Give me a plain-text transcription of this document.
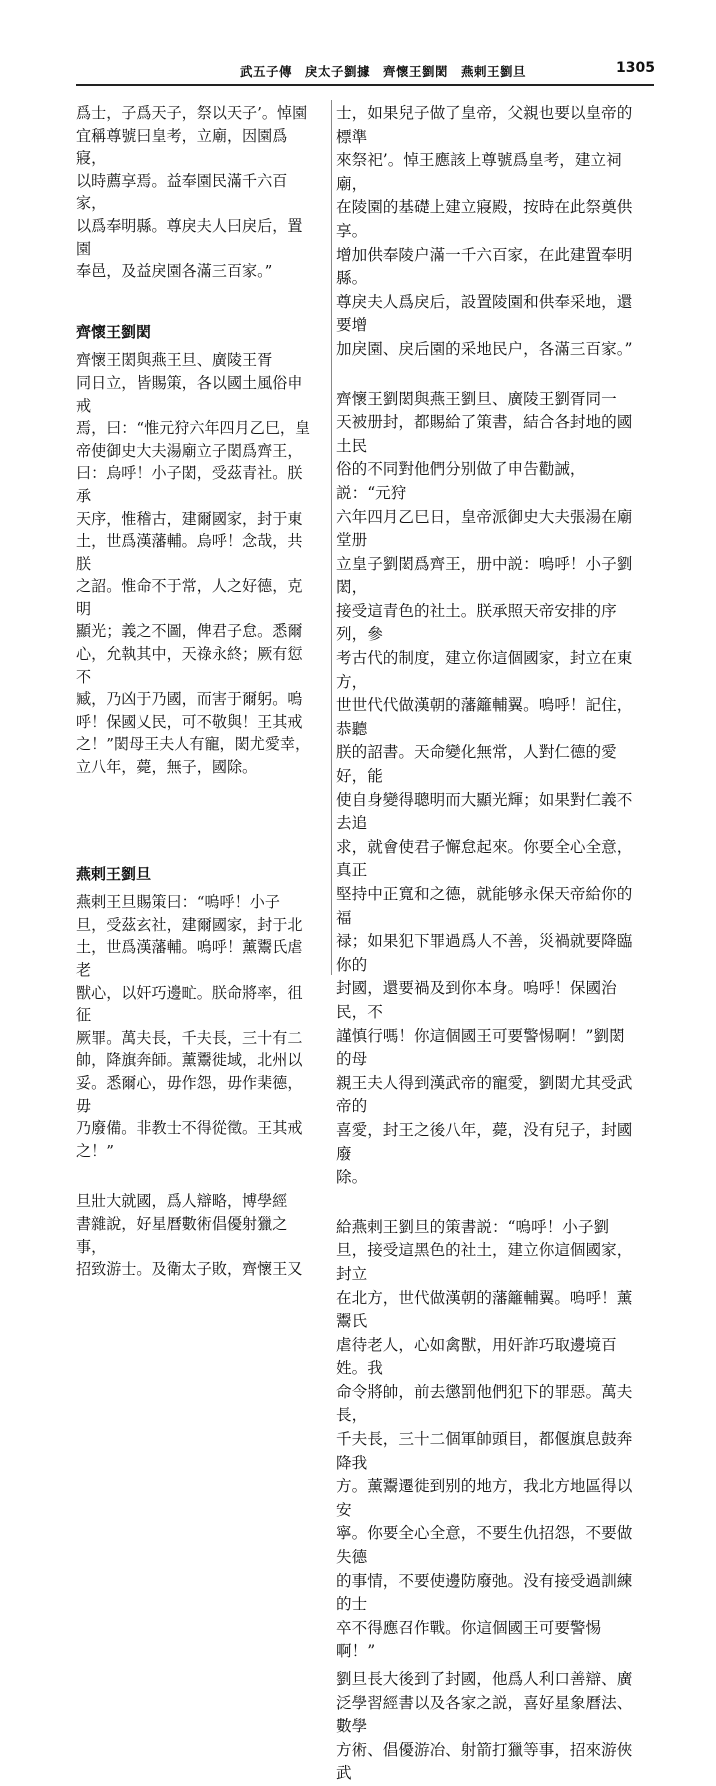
武五子傳　戾太子劉據　齊懷王劉閎　燕剌王劉旦	1305

爲士，子爲天子，祭以天子’。悼園
宜稱尊號曰皇考，立廟，因園爲寢，
以時薦享焉。益奉園民滿千六百家，
以爲奉明縣。尊戾夫人曰戾后，置園
奉邑，及益戾園各滿三百家。”

齊懷王劉閎

齊懷王閎與燕王旦、廣陵王胥
同日立，皆賜策，各以國土風俗申戒
焉，曰：“惟元狩六年四月乙巳，皇
帝使御史大夫湯廟立子閎爲齊王，
曰：烏呼！小子閎，受茲青社。朕承
天序，惟稽古，建爾國家，封于東
土，世爲漢藩輔。烏呼！念哉，共朕
之詔。惟命不于常，人之好德，克明
顯光；義之不圖，俾君子怠。悉爾
心，允執其中，天祿永終；厥有愆不
臧，乃凶于乃國，而害于爾躬。嗚
呼！保國乂民，可不敬與！王其戒
之！”閎母王夫人有寵，閎尤愛幸，
立八年，薨，無子，國除。

燕剌王劉旦

燕剌王旦賜策曰：“嗚呼！小子
旦，受茲玄社，建爾國家，封于北
土，世爲漢藩輔。嗚呼！薰鬻氏虐老
獸心，以奸巧邊甿。朕命將率，徂征
厥罪。萬夫長，千夫長，三十有二
帥，降旗奔師。薰鬻徙域，北州以
妥。悉爾心，毋作怨，毋作棐德，毋
乃廢備。非教士不得從徵。王其戒
之！”

旦壯大就國，爲人辯略，博學經
書雜說，好星曆數術倡優射獵之事，
招致游士。及衛太子敗，齊懷王又

士，如果兒子做了皇帝，父親也要以皇帝的標準
來祭祀’。悼王應該上尊號爲皇考，建立祠廟，
在陵園的基礎上建立寢殿，按時在此祭奠供享。
增加供奉陵户滿一千六百家，在此建置奉明縣。
尊戾夫人爲戾后，設置陵園和供奉采地，還要增
加戾園、戾后園的采地民户，各滿三百家。”

齊懷王劉閎與燕王劉旦、廣陵王劉胥同一
天被册封，都賜給了策書，結合各封地的國土民
俗的不同對他們分别做了申告勸誡，説：“元狩
六年四月乙巳日，皇帝派御史大夫張湯在廟堂册
立皇子劉閎爲齊王，册中説：嗚呼！小子劉閎，
接受這青色的社土。朕承照天帝安排的序列，參
考古代的制度，建立你這個國家，封立在東方，
世世代代做漢朝的藩籬輔翼。嗚呼！記住，恭聽
朕的詔書。天命變化無常，人對仁德的愛好，能
使自身變得聰明而大顯光輝；如果對仁義不去追
求，就會使君子懈怠起來。你要全心全意，真正
堅持中正寬和之德，就能够永保天帝給你的福
禄；如果犯下罪過爲人不善，災禍就要降臨你的
封國，還要禍及到你本身。嗚呼！保國治民，不
謹慎行嗎！你這個國王可要警惕啊！”劉閎的母
親王夫人得到漢武帝的寵愛，劉閎尤其受武帝的
喜愛，封王之後八年，薨，没有兒子，封國廢
除。

給燕剌王劉旦的策書説：“嗚呼！小子劉
旦，接受這黑色的社土，建立你這個國家，封立
在北方，世代做漢朝的藩籬輔翼。嗚呼！薰鬻氏
虐待老人，心如禽獸，用奸詐巧取邊境百姓。我
命令將帥，前去懲罰他們犯下的罪惡。萬夫長，
千夫長，三十二個軍帥頭目，都偃旗息鼓奔降我
方。薰鬻遷徙到别的地方，我北方地區得以安
寧。你要全心全意，不要生仇招怨，不要做失德
的事情，不要使邊防廢弛。没有接受過訓練的士
卒不得應召作戰。你這個國王可要警惕啊！”

劉旦長大後到了封國，他爲人利口善辯、廣
泛學習經書以及各家之説，喜好星象曆法、數學
方術、倡優游冶、射箭打獵等事，招來游俠武
